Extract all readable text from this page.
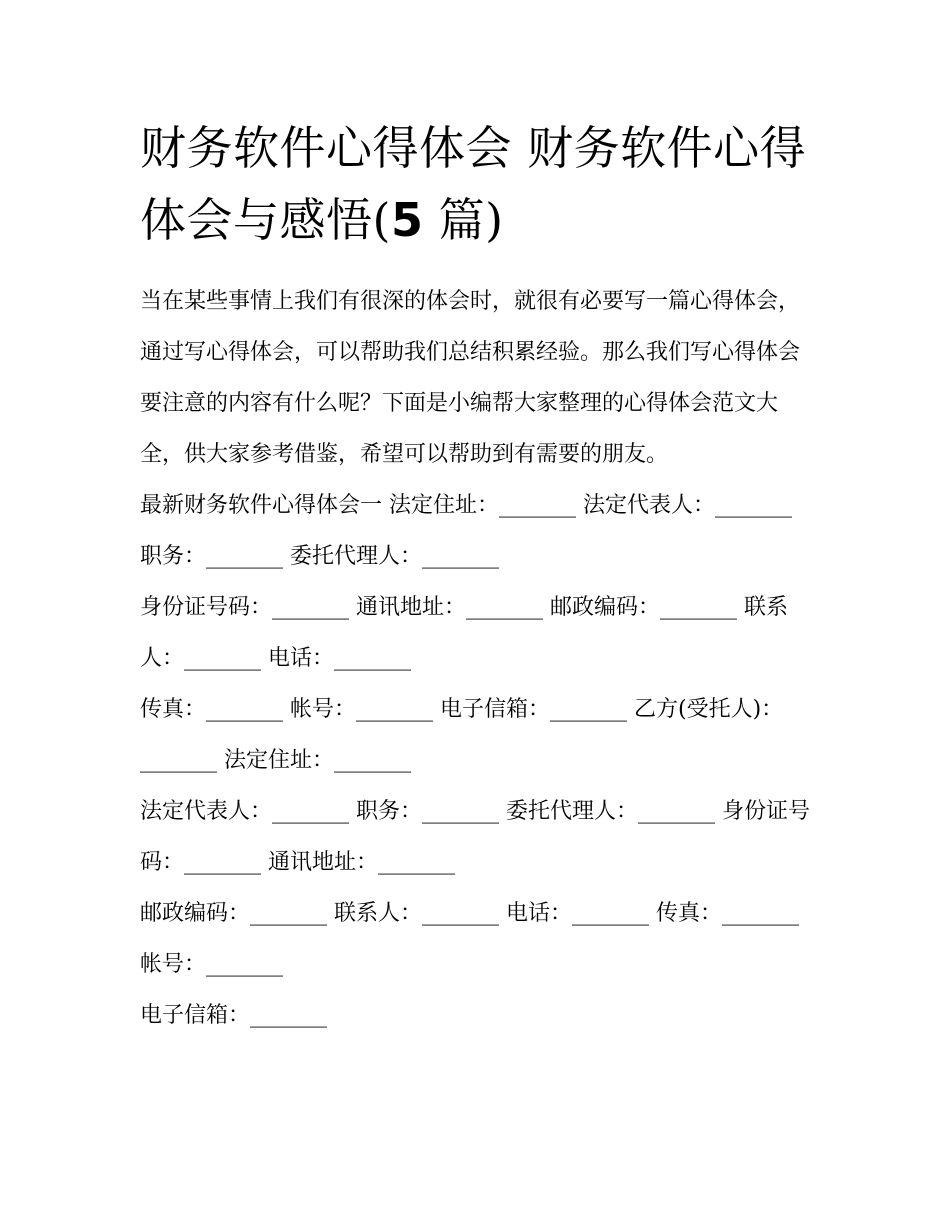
财务软件心得体会 财务软件心得体会与感悟(5 篇)

当在某些事情上我们有很深的体会时，就很有必要写一篇心得体会，通过写心得体会，可以帮助我们总结积累经验。那么我们写心得体会要注意的内容有什么呢？下面是小编帮大家整理的心得体会范文大全，供大家参考借鉴，希望可以帮助到有需要的朋友。

最新财务软件心得体会一 法定住址：_______ 法定代表人：_______ 职务：_______ 委托代理人：_______

身份证号码：_______ 通讯地址：_______ 邮政编码：_______ 联系人：_______ 电话：_______

传真：_______ 帐号：_______ 电子信箱：_______ 乙方(受托人)：_______ 法定住址：_______

法定代表人：_______ 职务：_______ 委托代理人：_______ 身份证号码：_______ 通讯地址：_______

邮政编码：_______ 联系人：_______ 电话：_______ 传真：_______ 帐号：_______

电子信箱：_______
